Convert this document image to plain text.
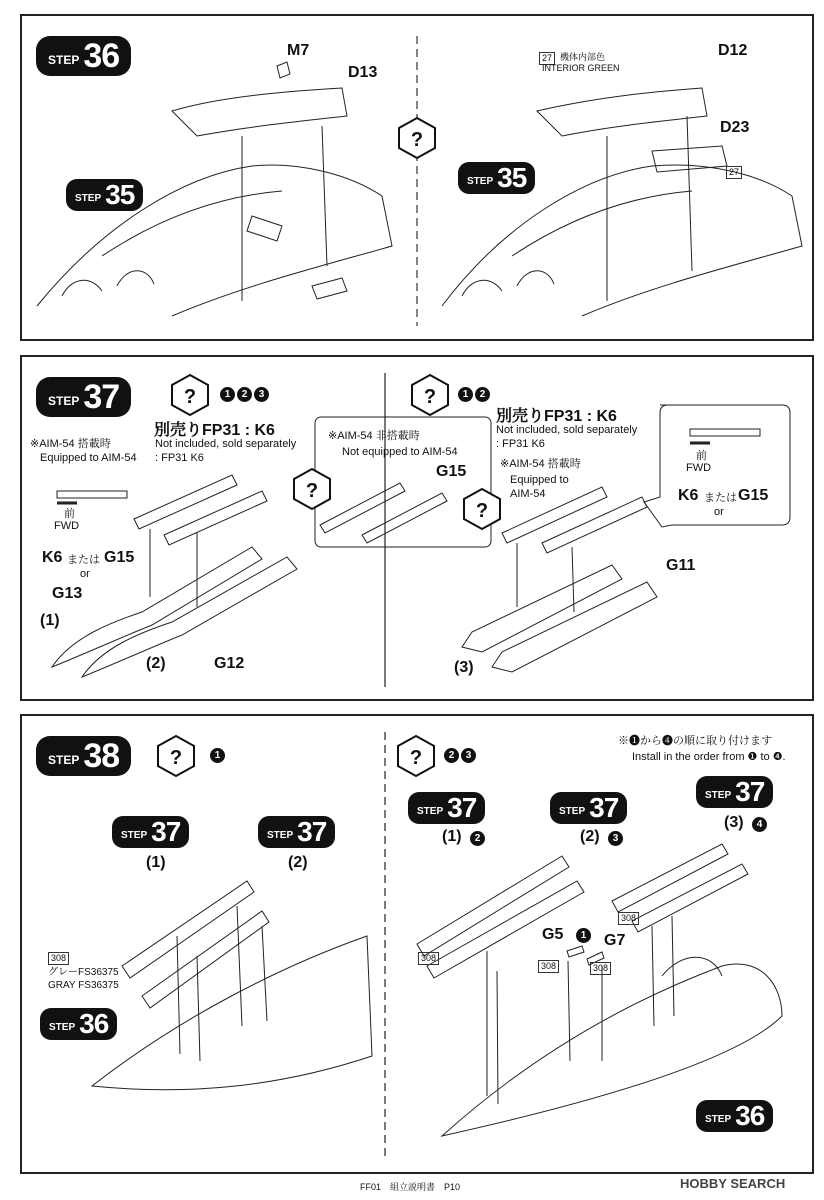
STEP 36
STEP 35
M7
D13
?
STEP 35
27 機体内部色
INTERIOR GREEN
D12
D23
27
STEP 37	?	1	2	3
別売りFP31 : K6
Not included, sold separately
: FP31 K6
※AIM-54 搭載時
Equipped to AIM-54
前
FWD
K6 または G15
or
G13
(1)
(2)	G12
※AIM-54 非搭載時
Not equipped to AIM-54
G15
?
?
?	1	2
別売りFP31 : K6
Not included, sold separately
: FP31 K6
※AIM-54 搭載時
Equipped to
AIM-54
G11
(3)
前
FWD
K6 または G15
or
STEP 38	?	1
STEP 37	STEP 37
(1)	(2)
308
グレーFS36375
GRAY FS36375
STEP 36
?	2	3
※❶から❹の順に取り付けます
Install in the order from ❶ to ❹.
STEP 37	STEP 37	STEP 37
(1)	2	(2)	3
(3)	4
G5	1 G7
308
308	308
308
STEP 36
FF01　組立説明書　P10	HOBBY SEARCH
